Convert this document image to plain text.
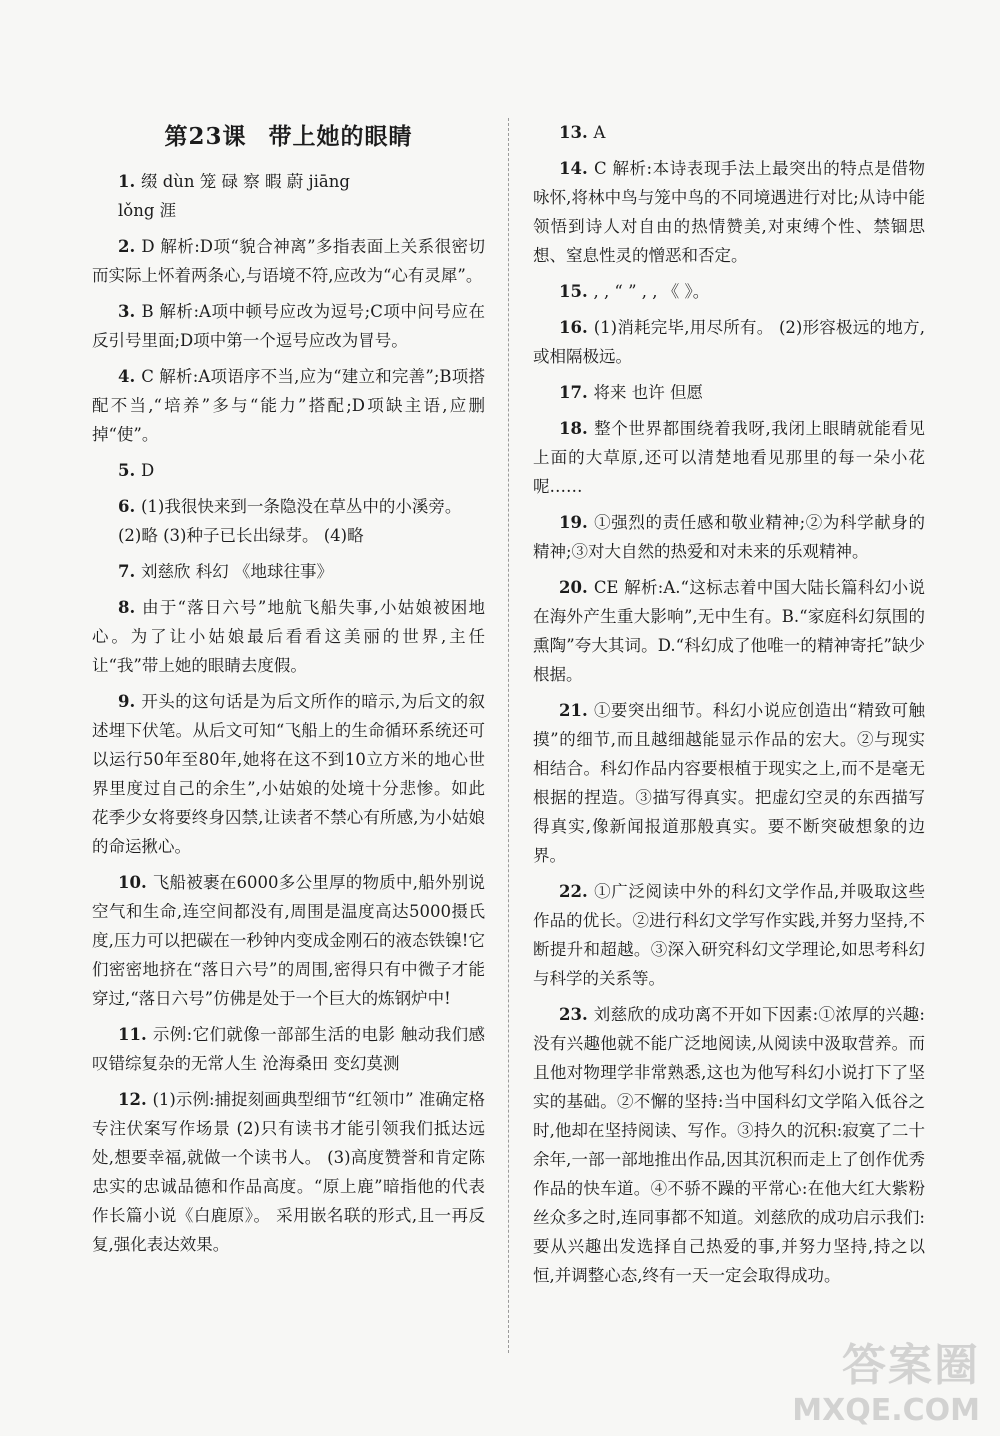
第23课 带上她的眼睛
1. 缀 dùn 笼 碌 察 暇 蔚 jiāng
lǒng 涯
2. D 解析:D项“貌合神离”多指表面上关系很密切而实际上怀着两条心,与语境不符,应改为“心有灵犀”。
3. B 解析:A项中顿号应改为逗号;C项中问号应在反引号里面;D项中第一个逗号应改为冒号。
4. C 解析:A项语序不当,应为“建立和完善”;B项搭配不当,“培养”多与“能力”搭配;D项缺主语,应删掉“使”。
5. D
6. (1)我很快来到一条隐没在草丛中的小溪旁。
(2)略 (3)种子已长出绿芽。 (4)略
7. 刘慈欣 科幻 《地球往事》
8. 由于“落日六号”地航飞船失事,小姑娘被困地心。为了让小姑娘最后看看这美丽的世界,主任让“我”带上她的眼睛去度假。
9. 开头的这句话是为后文所作的暗示,为后文的叙述埋下伏笔。从后文可知“飞船上的生命循环系统还可以运行50年至80年,她将在这不到10立方米的地心世界里度过自己的余生”,小姑娘的处境十分悲惨。如此花季少女将要终身囚禁,让读者不禁心有所感,为小姑娘的命运揪心。
10. 飞船被裹在6000多公里厚的物质中,船外别说空气和生命,连空间都没有,周围是温度高达5000摄氏度,压力可以把碳在一秒钟内变成金刚石的液态铁镍!它们密密地挤在“落日六号”的周围,密得只有中微子才能穿过,“落日六号”仿佛是处于一个巨大的炼钢炉中!
11. 示例:它们就像一部部生活的电影 触动我们感叹错综复杂的无常人生 沧海桑田 变幻莫测
12. (1)示例:捕捉刻画典型细节“红领巾” 准确定格专注伏案写作场景 (2)只有读书才能引领我们抵达远处,想要幸福,就做一个读书人。 (3)高度赞誉和肯定陈忠实的忠诚品德和作品高度。“原上鹿”暗指他的代表作长篇小说《白鹿原》。 采用嵌名联的形式,且一再反复,强化表达效果。
13. A
14. C 解析:本诗表现手法上最突出的特点是借物咏怀,将林中鸟与笼中鸟的不同境遇进行对比;从诗中能领悟到诗人对自由的热情赞美,对束缚个性、禁锢思想、窒息性灵的憎恶和否定。
15. , , “ ” , , 《 》。
16. (1)消耗完毕,用尽所有。 (2)形容极远的地方,或相隔极远。
17. 将来 也许 但愿
18. 整个世界都围绕着我呀,我闭上眼睛就能看见上面的大草原,还可以清楚地看见那里的每一朵小花呢……
19. ①强烈的责任感和敬业精神;②为科学献身的精神;③对大自然的热爱和对未来的乐观精神。
20. CE 解析:A.“这标志着中国大陆长篇科幻小说在海外产生重大影响”,无中生有。B.“家庭科幻氛围的熏陶”夸大其词。D.“科幻成了他唯一的精神寄托”缺少根据。
21. ①要突出细节。科幻小说应创造出“精致可触摸”的细节,而且越细越能显示作品的宏大。②与现实相结合。科幻作品内容要根植于现实之上,而不是毫无根据的捏造。③描写得真实。把虚幻空灵的东西描写得真实,像新闻报道那般真实。要不断突破想象的边界。
22. ①广泛阅读中外的科幻文学作品,并吸取这些作品的优长。②进行科幻文学写作实践,并努力坚持,不断提升和超越。③深入研究科幻文学理论,如思考科幻与科学的关系等。
23. 刘慈欣的成功离不开如下因素:①浓厚的兴趣:没有兴趣他就不能广泛地阅读,从阅读中汲取营养。而且他对物理学非常熟悉,这也为他写科幻小说打下了坚实的基础。②不懈的坚持:当中国科幻文学陷入低谷之时,他却在坚持阅读、写作。③持久的沉积:寂寞了二十余年,一部一部地推出作品,因其沉积而走上了创作优秀作品的快车道。④不骄不躁的平常心:在他大红大紫粉丝众多之时,连同事都不知道。刘慈欣的成功启示我们:要从兴趣出发选择自己热爱的事,并努力坚持,持之以恒,并调整心态,终有一天一定会取得成功。
答案圈
MXQE.COM
